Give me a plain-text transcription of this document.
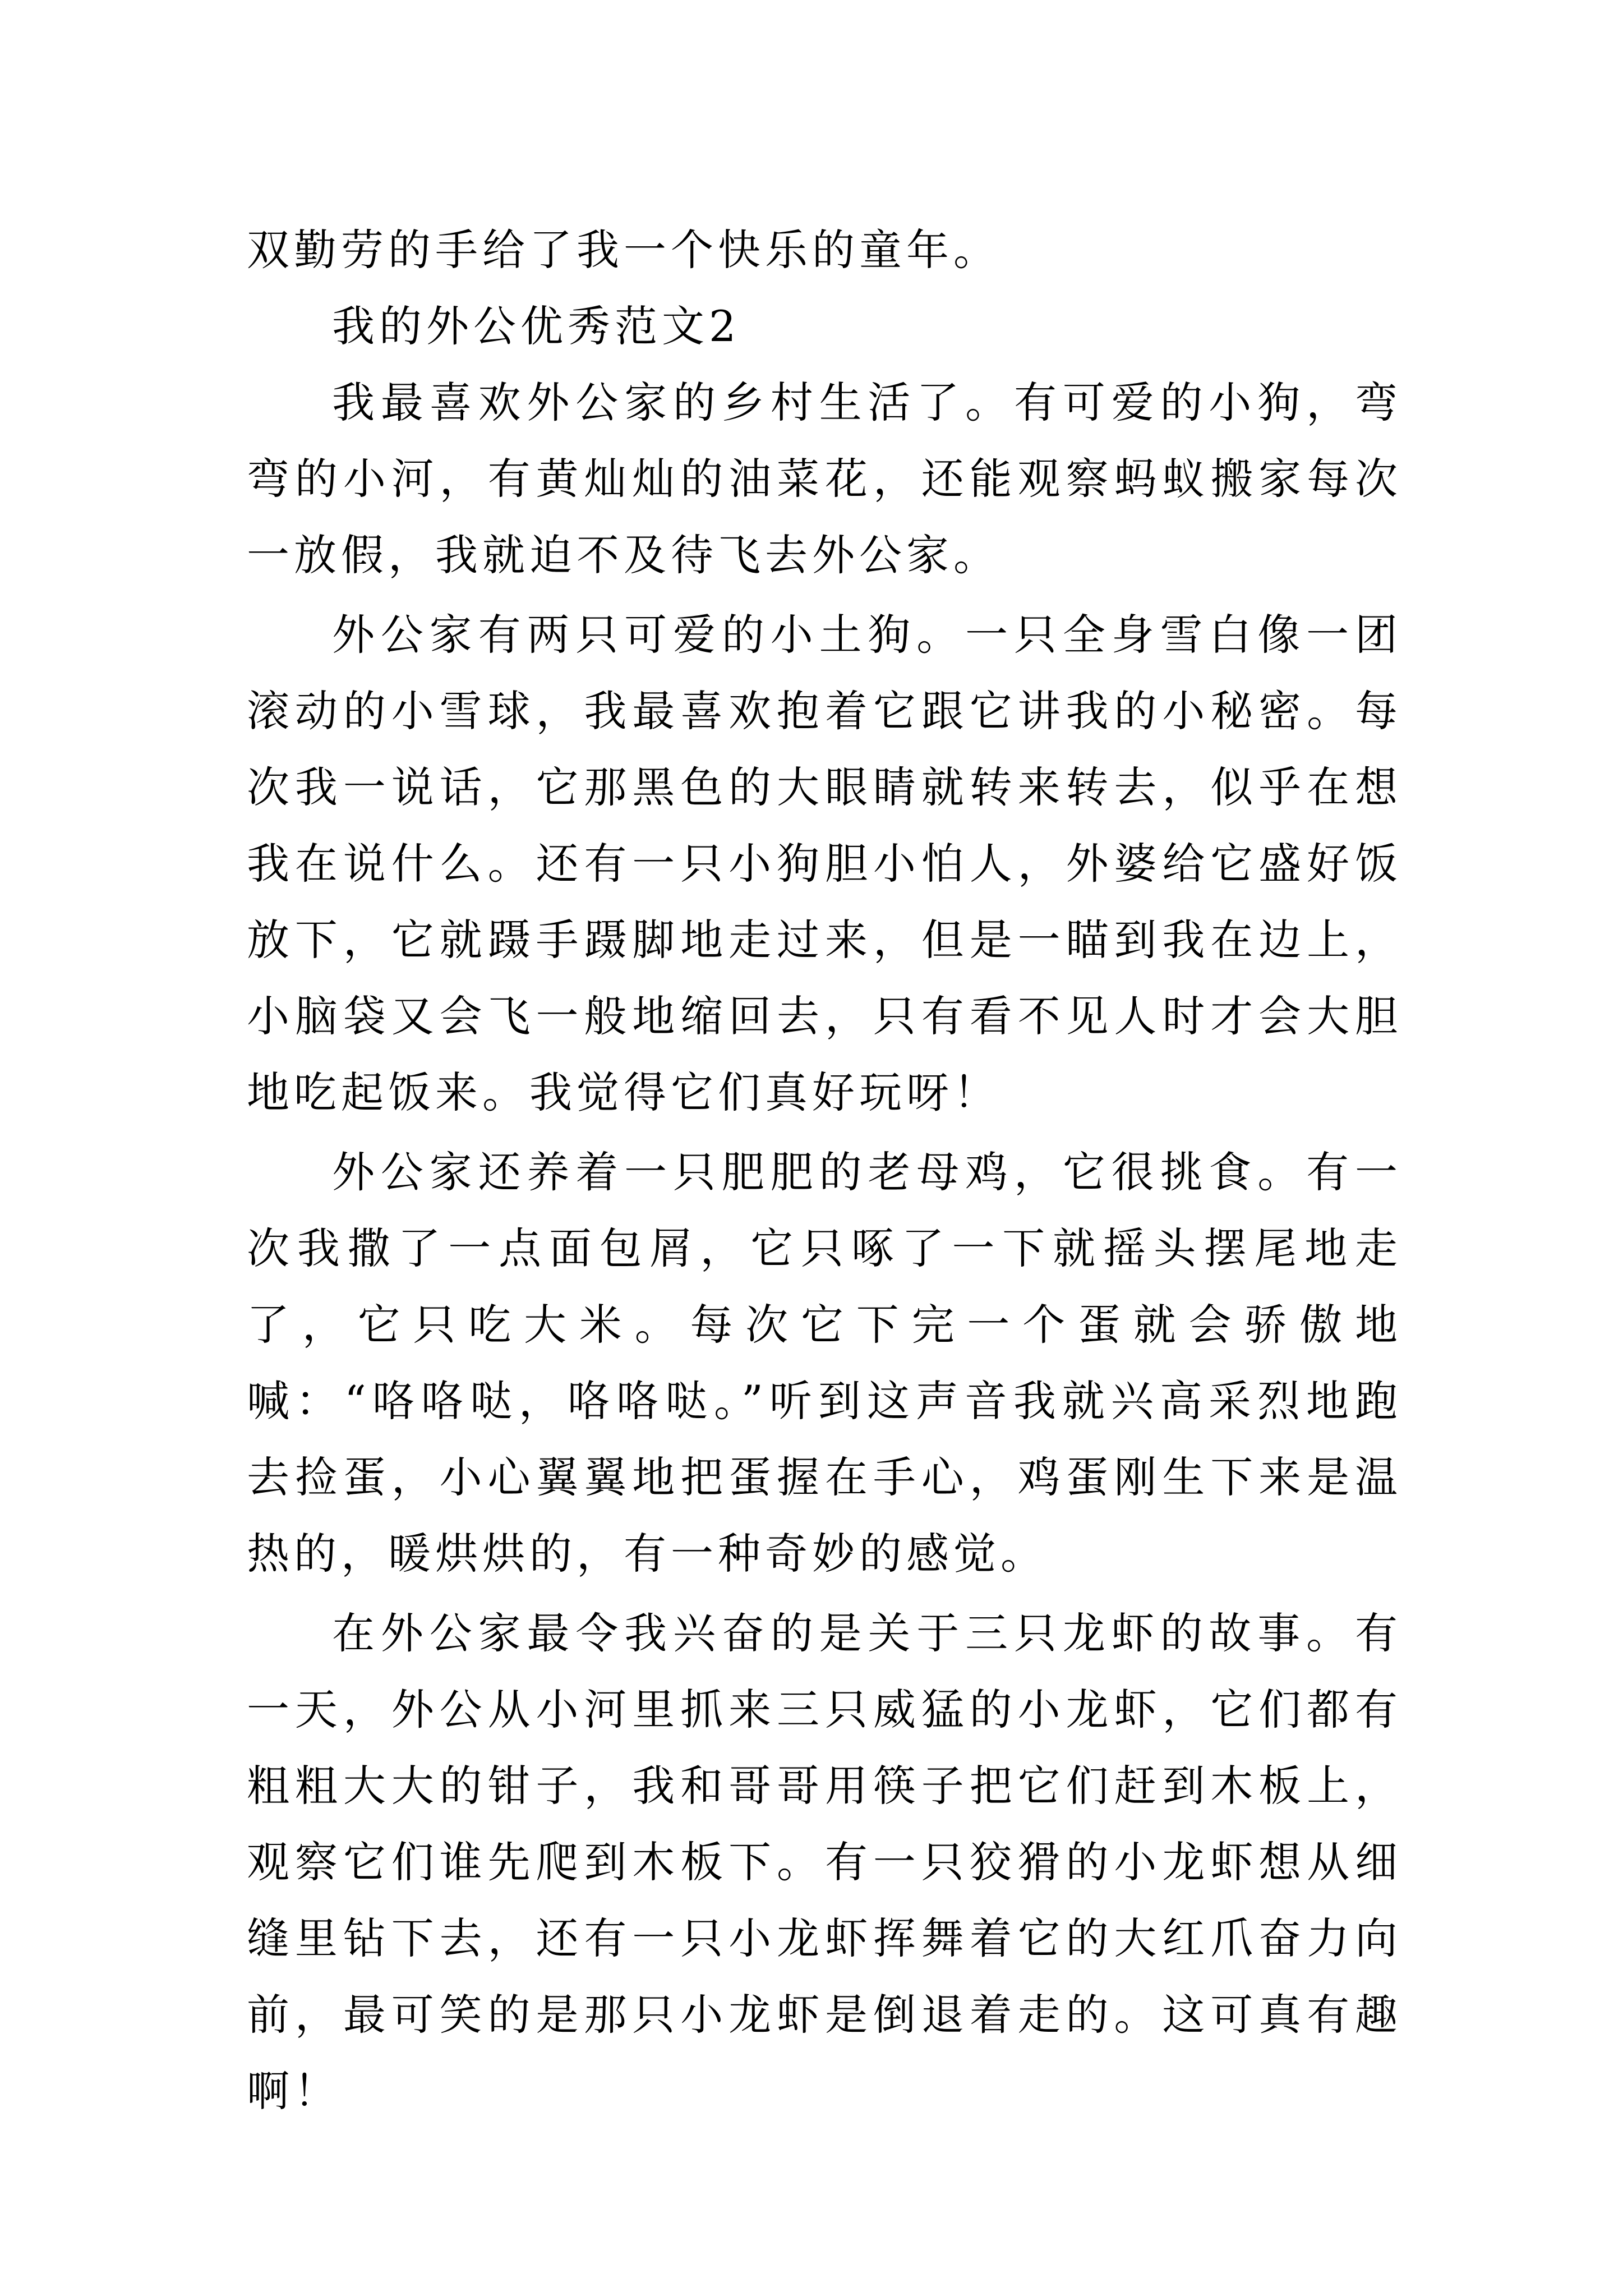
双勤劳的手给了我一个快乐的童年。

我的外公优秀范文2

我最喜欢外公家的乡村生活了。有可爱的小狗，弯弯的小河，有黄灿灿的油菜花，还能观察蚂蚁搬家每次一放假，我就迫不及待飞去外公家。

外公家有两只可爱的小土狗。一只全身雪白像一团滚动的小雪球，我最喜欢抱着它跟它讲我的小秘密。每次我一说话，它那黑色的大眼睛就转来转去，似乎在想我在说什么。还有一只小狗胆小怕人，外婆给它盛好饭放下，它就蹑手蹑脚地走过来，但是一瞄到我在边上，小脑袋又会飞一般地缩回去，只有看不见人时才会大胆地吃起饭来。我觉得它们真好玩呀！

外公家还养着一只肥肥的老母鸡，它很挑食。有一次我撒了一点面包屑，它只啄了一下就摇头摆尾地走了，它只吃大米。每次它下完一个蛋就会骄傲地喊：“咯咯哒，咯咯哒。”听到这声音我就兴高采烈地跑去捡蛋，小心翼翼地把蛋握在手心，鸡蛋刚生下来是温热的，暖烘烘的，有一种奇妙的感觉。

在外公家最令我兴奋的是关于三只龙虾的故事。有一天，外公从小河里抓来三只威猛的小龙虾，它们都有粗粗大大的钳子，我和哥哥用筷子把它们赶到木板上，观察它们谁先爬到木板下。有一只狡猾的小龙虾想从细缝里钻下去，还有一只小龙虾挥舞着它的大红爪奋力向前，最可笑的是那只小龙虾是倒退着走的。这可真有趣啊！
